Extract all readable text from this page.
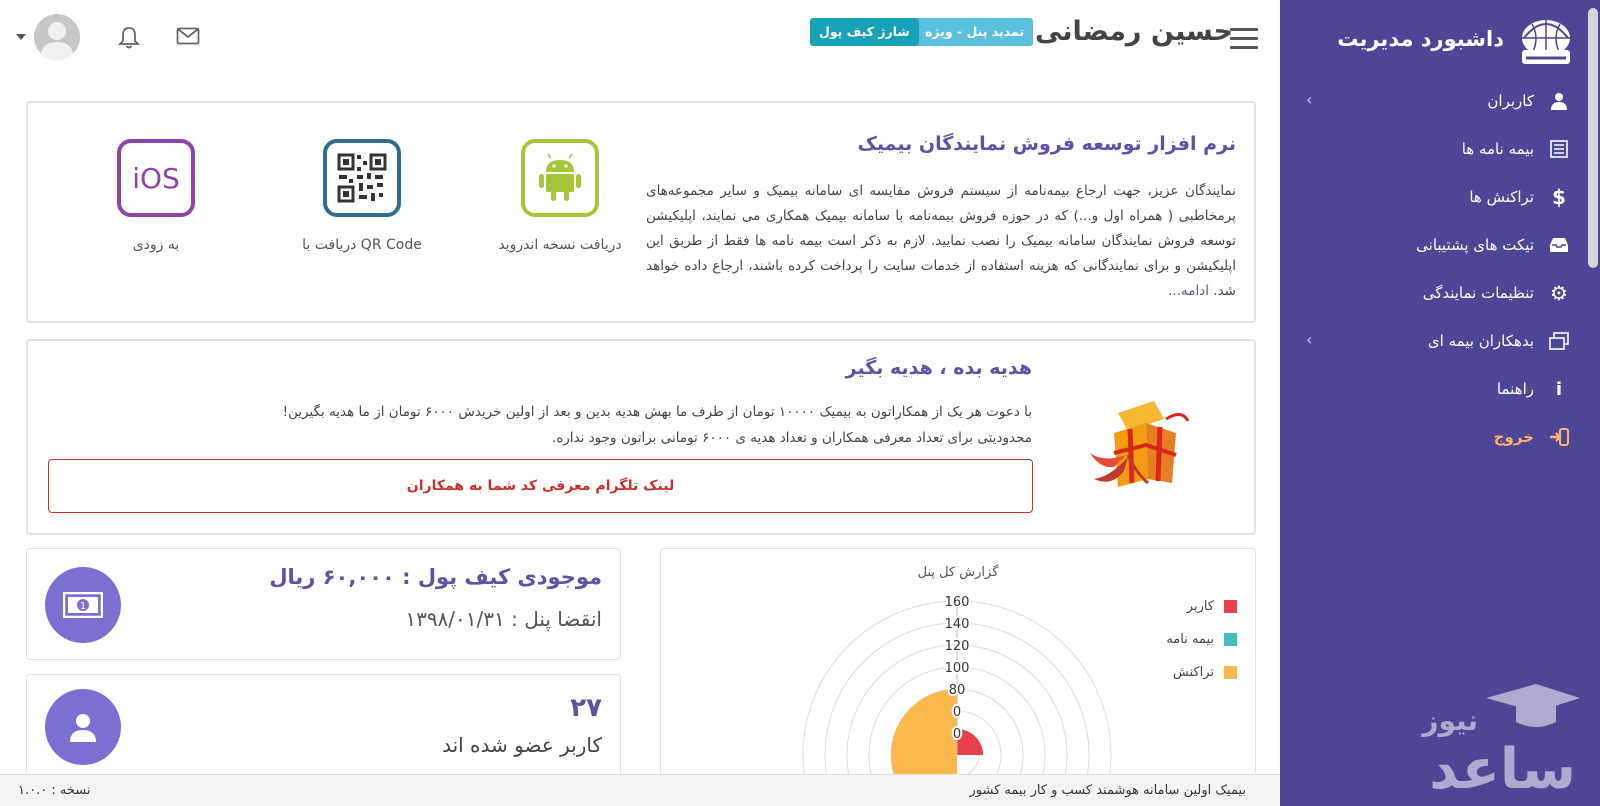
داشبورد مدیریت
کاربران
‹
بیمه نامه ها
$
تراکنش ها
تیکت های پشتیبانی
⚙
تنظیمات نمایندگی
بدهکاران بیمه ای
‹
i
راهنما
خروج
نیوز
ساعد
حسین رمضانی
تمدید پنل - ویژه
شارژ کیف پول
نرم افزار توسعه فروش نمایندگان بیمیک

نمایندگان عزیز، جهت ارجاع بیمه‌نامه از سیستم فروش مقایسه ای سامانه بیمیک و سایر مجموعه‌های پرمخاطبی ( همراه اول و...) که در حوزه فروش بیمه‌نامه با سامانه بیمیک همکاری می نمایند، اپلیکیشن توسعه فروش نمایندگان سامانه بیمیک را نصب نمایید. لازم به ذکر است بیمه نامه ها فقط از طریق این اپلیکیشن و برای نمایندگانی که هزینه استفاده از خدمات سایت را پرداخت کرده باشند، ارجاع داده خواهد شد. ادامه...

دریافت نسخه اندروید
دریافت با QR Code
iOS
به زودی
هدیه بده ، هدیه بگیر
با دعوت هر یک از همکاراتون به بیمیک ۱۰۰۰۰ تومان از طرف ما بهش هدیه بدین و بعد از اولین خریدش ۶۰۰۰ تومان از ما هدیه بگیرین!
محدودیتی برای تعداد معرفی همکاران و تعداد هدیه ی ۶۰۰۰ تومانی براتون وجود نداره.
لینک تلگرام معرفی کد شما به همکاران
1
موجودی کیف پول : ۶۰,۰۰۰ ریال
انقضا پنل : ۱۳۹۸/۰۱/۳۱
۲۷
کاربر عضو شده اند
گزارش کل پنل
کاربر
بیمه نامه
تراکنش
160
140
120
100
80
0
0
بیمیک اولین سامانه هوشمند کسب و کار بیمه کشور
نسخه : ۱.۰.۰
